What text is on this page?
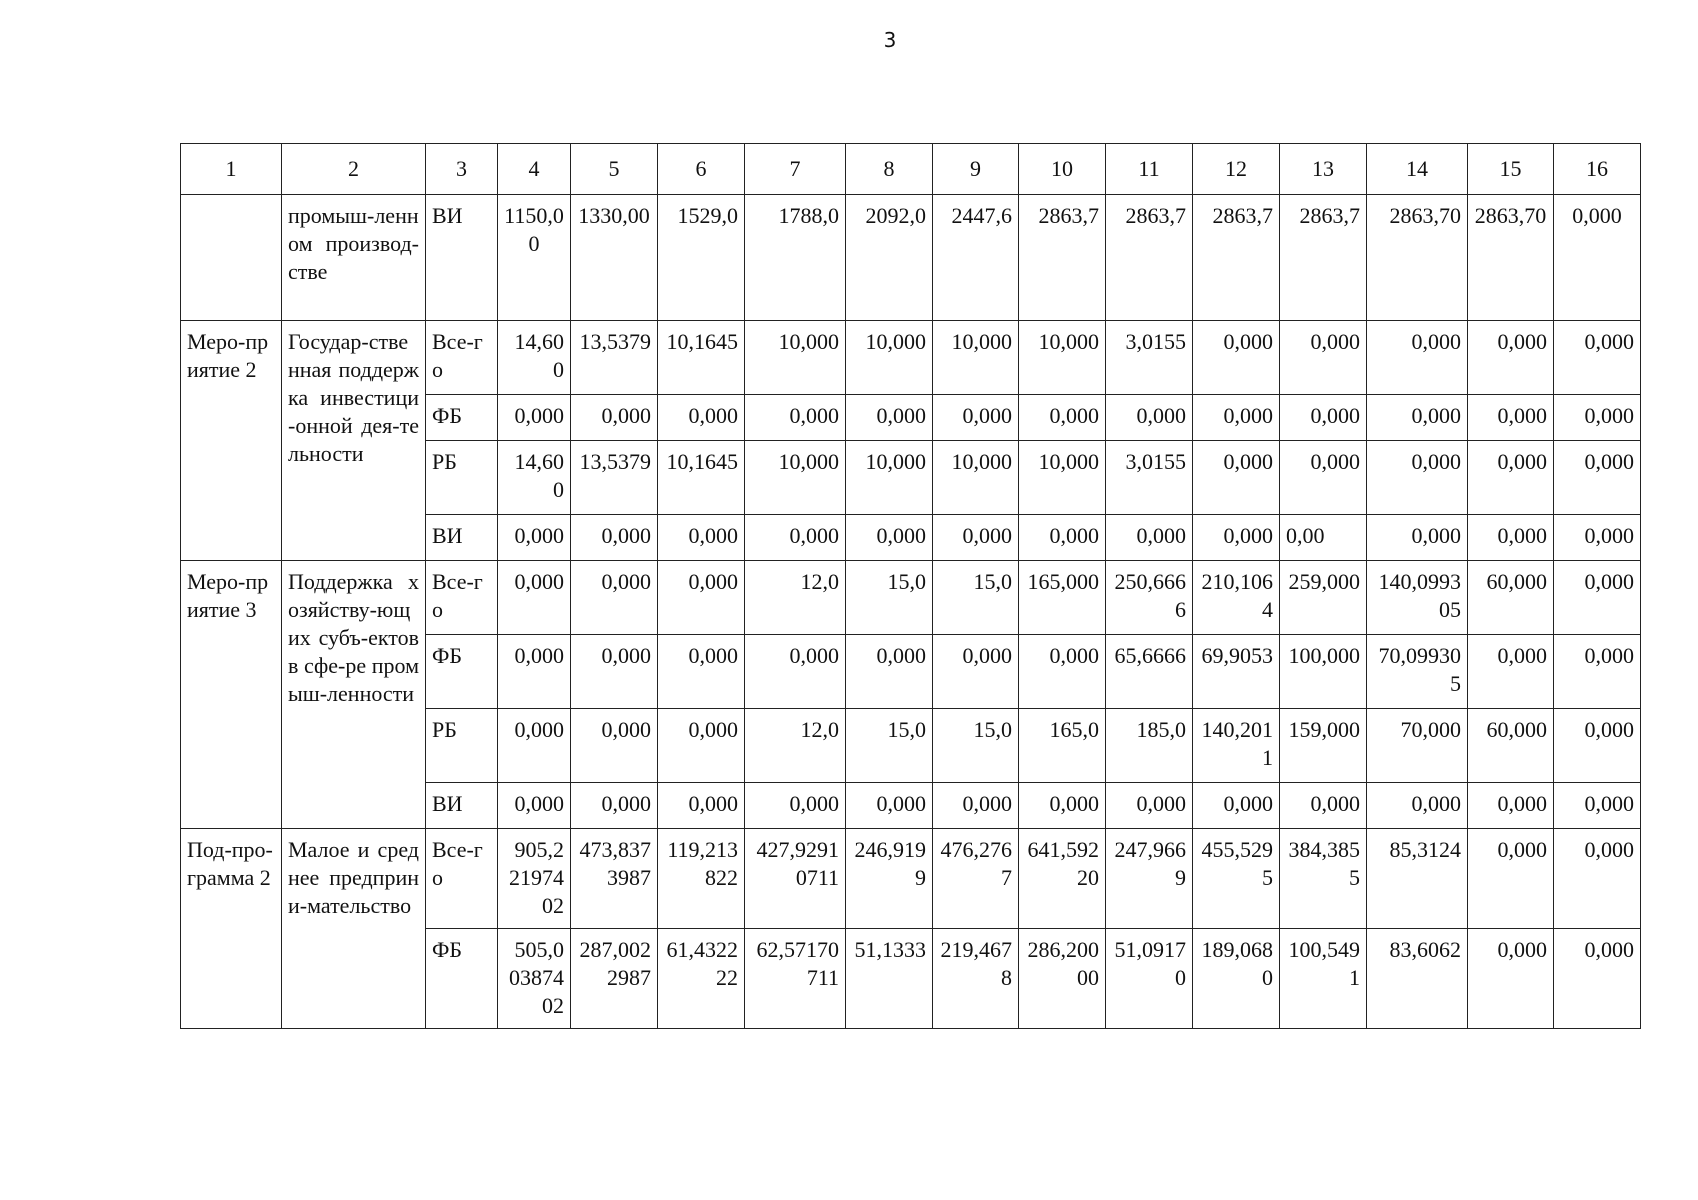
3
1	2	3	4	5	6	7	8	9	10	11	12	13	14	15	16
	промыш-ленном производ-стве	ВИ	1150,00	1330,00	1529,0	1788,0	2092,0	2447,6	2863,7	2863,7	2863,7	2863,7	2863,70	2863,70	0,000
Меро-приятие 2	Государ-ственная поддержка инвестици-онной дея-тельности	Все-го	14,600	13,5379	10,1645	10,000	10,000	10,000	10,000	3,0155	0,000	0,000	0,000	0,000	0,000
		ФБ	0,000	0,000	0,000	0,000	0,000	0,000	0,000	0,000	0,000	0,000	0,000	0,000	0,000
		РБ	14,600	13,5379	10,1645	10,000	10,000	10,000	10,000	3,0155	0,000	0,000	0,000	0,000	0,000
		ВИ	0,000	0,000	0,000	0,000	0,000	0,000	0,000	0,000	0,000	0,00	0,000	0,000	0,000
Меро-приятие 3	Поддержка хозяйству-ющих субъ-ектов в сфе-ре промыш-ленности	Все-го	0,000	0,000	0,000	12,0	15,0	15,0	165,000	250,6666	210,1064	259,000	140,099305	60,000	0,000
		ФБ	0,000	0,000	0,000	0,000	0,000	0,000	0,000	65,6666	69,9053	100,000	70,099305	0,000	0,000
		РБ	0,000	0,000	0,000	12,0	15,0	15,0	165,0	185,0	140,2011	159,000	70,000	60,000	0,000
		ВИ	0,000	0,000	0,000	0,000	0,000	0,000	0,000	0,000	0,000	0,000	0,000	0,000	0,000
Под-про-грамма 2	Малое и среднее предприни-мательство	Все-го	905,22197402	473,8373987	119,213822	427,92910711	246,9199	476,2767	641,59220	247,9669	455,5295	384,3855	85,3124	0,000	0,000
		ФБ	505,00387402	287,0022987	61,432222	62,57170711	51,1333	219,4678	286,20000	51,09170	189,0680	100,5491	83,6062	0,000	0,000
